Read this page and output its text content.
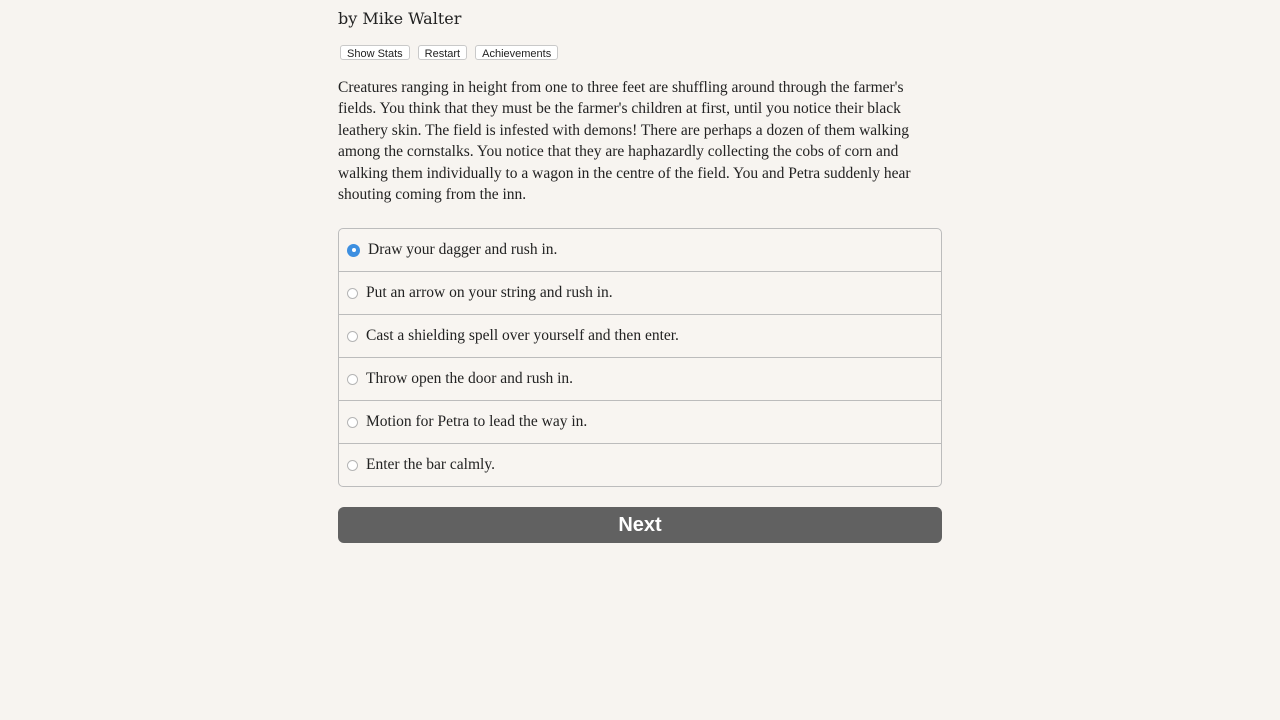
by Mike Walter
Show Stats	Restart	Achievements

Creatures ranging in height from one to three feet are shuffling around through the farmer's fields. You think that they must be the farmer's children at first, until you notice their black leathery skin. The field is infested with demons! There are perhaps a dozen of them walking among the cornstalks. You notice that they are haphazardly collecting the cobs of corn and walking them individually to a wagon in the centre of the field. You and Petra suddenly hear shouting coming from the inn.

Draw your dagger and rush in.
Put an arrow on your string and rush in.
Cast a shielding spell over yourself and then enter.
Throw open the door and rush in.
Motion for Petra to lead the way in.
Enter the bar calmly.
Next
